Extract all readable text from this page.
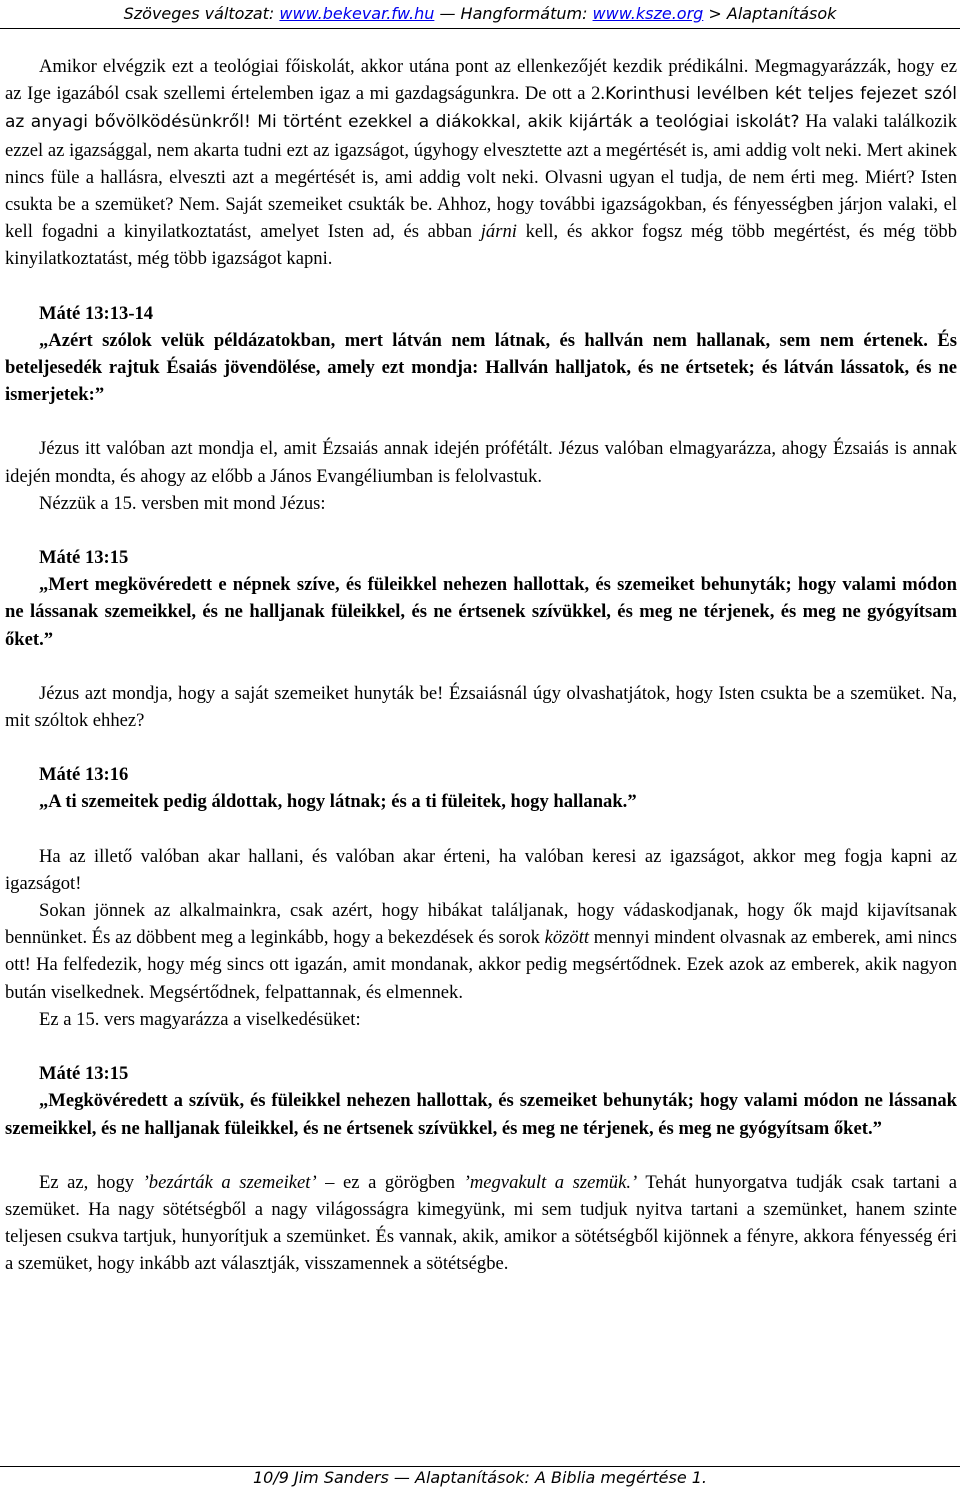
Szöveges változat: www.bekevar.fw.hu — Hangformátum: www.ksze.org > Alaptanítások

Amikor elvégzik ezt a teológiai főiskolát, akkor utána pont az ellenkezőjét kezdik prédikálni. Megmagyarázzák, hogy ez az Ige igazából csak szellemi értelemben igaz a mi gazdagságunkra. De ott a 2.Korinthusi levélben két teljes fejezet szól az anyagi bővölködésünkről! Mi történt ezekkel a diákokkal, akik kijárták a teológiai iskolát? Ha valaki találkozik ezzel az igazsággal, nem akarta tudni ezt az igazságot, úgyhogy elvesztette azt a megértését is, ami addig volt neki. Mert akinek nincs füle a hallásra, elveszti azt a megértését is, ami addig volt neki. Olvasni ugyan el tudja, de nem érti meg. Miért? Isten csukta be a szemüket? Nem. Saját szemeiket csukták be. Ahhoz, hogy további igazságokban, és fényességben járjon valaki, el kell fogadni a kinyilatkoztatást, amelyet Isten ad, és abban járni kell, és akkor fogsz még több megértést, és még több kinyilatkoztatást, még több igazságot kapni.

Máté 13:13-14

„Azért szólok velük példázatokban, mert látván nem látnak, és hallván nem hallanak, sem nem értenek. És beteljesedék rajtuk Ésaiás jövendölése, amely ezt mondja: Hallván halljatok, és ne értsetek; és látván lássatok, és ne ismerjetek:”

Jézus itt valóban azt mondja el, amit Ézsaiás annak idején prófétált. Jézus valóban elmagyarázza, ahogy Ézsaiás is annak idején mondta, és ahogy az előbb a János Evangéliumban is felolvastuk.

Nézzük a 15. versben mit mond Jézus:

Máté 13:15

„Mert megkövéredett e népnek szíve, és füleikkel nehezen hallottak, és szemeiket behunyták; hogy valami módon ne lássanak szemeikkel, és ne halljanak füleikkel, és ne értsenek szívükkel, és meg ne térjenek, és meg ne gyógyítsam őket.”

Jézus azt mondja, hogy a saját szemeiket hunyták be! Ézsaiásnál úgy olvashatjátok, hogy Isten csukta be a szemüket. Na, mit szóltok ehhez?

Máté 13:16

„A ti szemeitek pedig áldottak, hogy látnak; és a ti füleitek, hogy hallanak.”

Ha az illető valóban akar hallani, és valóban akar érteni, ha valóban keresi az igazságot, akkor meg fogja kapni az igazságot!

Sokan jönnek az alkalmainkra, csak azért, hogy hibákat találjanak, hogy vádaskodjanak, hogy ők majd kijavítsanak bennünket. És az döbbent meg a leginkább, hogy a bekezdések és sorok között mennyi mindent olvasnak az emberek, ami nincs ott! Ha felfedezik, hogy még sincs ott igazán, amit mondanak, akkor pedig megsértődnek. Ezek azok az emberek, akik nagyon bután viselkednek. Megsértődnek, felpattannak, és elmennek.

Ez a 15. vers magyarázza a viselkedésüket:

Máté 13:15

„Megkövéredett a szívük, és füleikkel nehezen hallottak, és szemeiket behunyták; hogy valami módon ne lássanak szemeikkel, és ne halljanak füleikkel, és ne értsenek szívükkel, és meg ne térjenek, és meg ne gyógyítsam őket.”

Ez az, hogy ’bezárták a szemeiket’ – ez a görögben ’megvakult a szemük.’ Tehát hunyorgatva tudják csak tartani a szemüket. Ha nagy sötétségből a nagy világosságra kimegyünk, mi sem tudjuk nyitva tartani a szemünket, hanem szinte teljesen csukva tartjuk, hunyorítjuk a szemünket. És vannak, akik, amikor a sötétségből kijönnek a fényre, akkora fényesség éri a szemüket, hogy inkább azt választják, visszamennek a sötétségbe.

10/9 Jim Sanders — Alaptanítások: A Biblia megértése 1.
